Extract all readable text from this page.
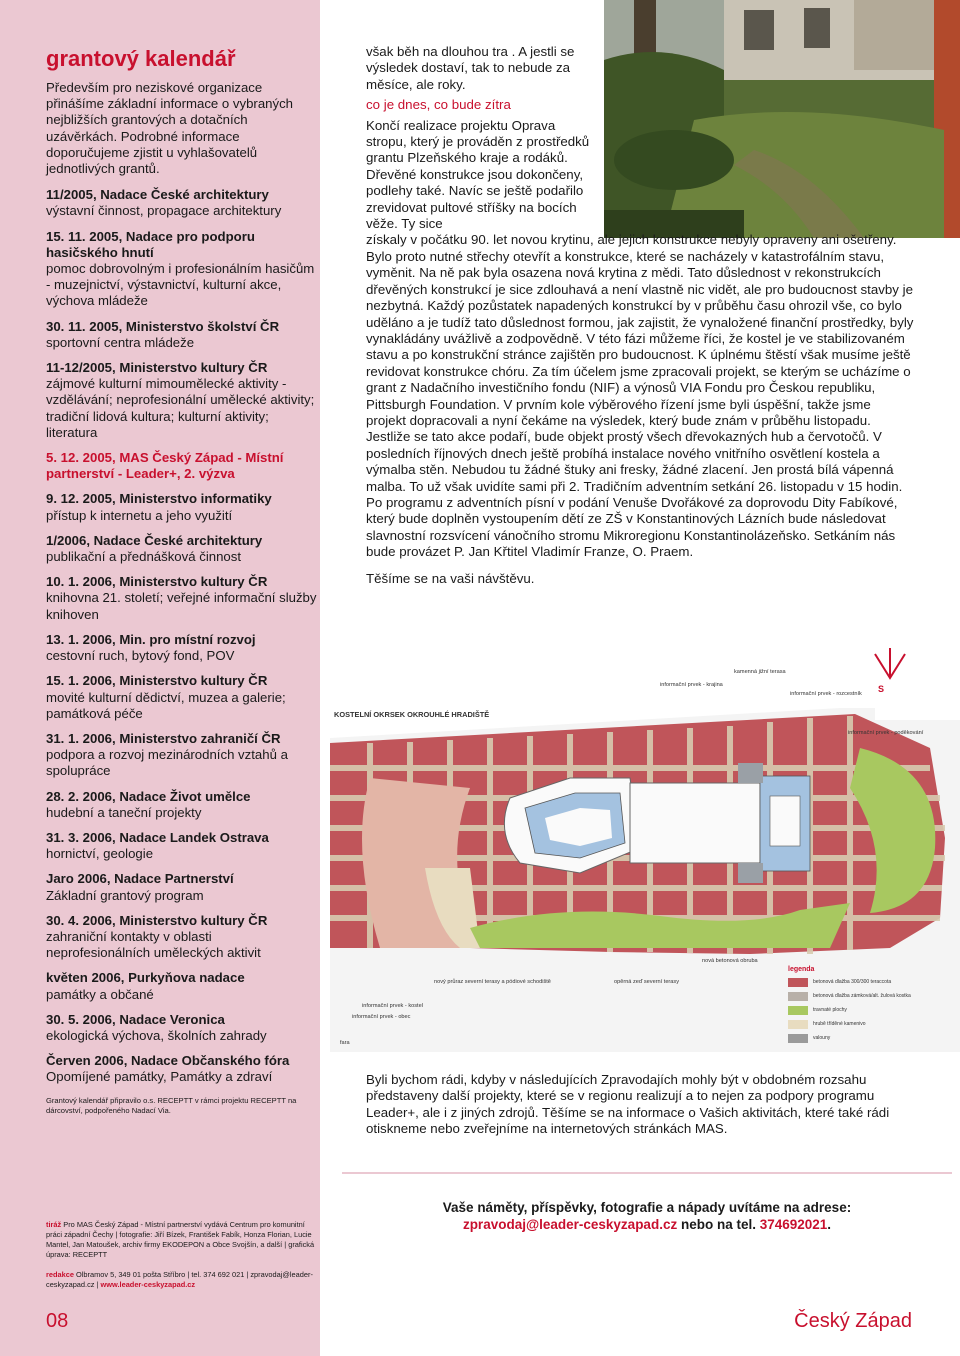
grantový kalendář

Především pro neziskové organizace přinášíme základní informace o vybraných nejbližších grantových a dotačních uzávěrkách. Podrobné informace doporučujeme zjistit u vyhlašovatelů jednotlivých grantů.

11/2005, Nadace České architektury
výstavní činnost, propagace architektury
15. 11. 2005, Nadace pro podporu hasičského hnutí
pomoc dobrovolným i profesionálním hasičům - muzejnictví, výstavnictví, kulturní akce, výchova mládeže
30. 11. 2005, Ministerstvo školství ČR
sportovní centra mládeže
11-12/2005, Ministerstvo kultury ČR
zájmové kulturní mimoumělecké aktivity - vzdělávání; neprofesionální umělecké aktivity; tradiční lidová kultura; kulturní aktivity; literatura
5. 12. 2005, MAS Český Západ - Místní partnerství - Leader+, 2. výzva
9. 12. 2005, Ministerstvo informatiky
přístup k internetu a jeho využití
1/2006, Nadace České architektury
publikační a přednášková činnost
10. 1. 2006, Ministerstvo kultury ČR
knihovna 21. století; veřejné informační služby knihoven
13. 1. 2006, Min. pro místní rozvoj
cestovní ruch, bytový fond, POV
15. 1. 2006, Ministerstvo kultury ČR
movité kulturní dědictví, muzea a galerie; památková péče
31. 1. 2006, Ministerstvo zahraničí ČR
podpora a rozvoj mezinárodních vztahů a spolupráce
28. 2. 2006, Nadace Život umělce
hudební a taneční projekty
31. 3. 2006, Nadace Landek Ostrava
hornictví, geologie
Jaro 2006, Nadace Partnerství
Základní grantový program
30. 4. 2006, Ministerstvo kultury ČR
zahraniční kontakty v oblasti neprofesionálních uměleckých aktivit
květen 2006, Purkyňova nadace
památky a občané
30. 5. 2006, Nadace Veronica
ekologická výchova, školních zahrady
Červen 2006, Nadace Občanského fóra
Opomíjené památky, Památky a zdraví
Grantový kalendář připravilo o.s. RECEPTT v rámci projektu RECEPTT na dárcovství, podpořeného Nadací Via.
tiráž Pro MAS Český Západ - Místní partnerství vydává Centrum pro komunitní práci západní Čechy | fotografie: Jiří Bízek, František Fabík, Honza Florian, Lucie Mantel, Jan Matoušek, archiv firmy EKODEPON a Obce Svojšín, a další | grafická úprava: RECEPTT
redakce Olbramov 5, 349 01 pošta Stříbro | tel. 374 692 021 | zpravodaj@leader-ceskyzapad.cz | www.leader-ceskyzapad.cz
08

však běh na dlouhou tra . A jestli se výsledek dostaví, tak to nebude za měsíce, ale roky.

co je dnes, co bude zítra

Končí realizace projektu Oprava stropu, který je prováděn z prostředků grantu Plzeňského kraje a rodáků. Dřevěné konstrukce jsou dokončeny, podlehy také. Navíc se ještě podařilo zrevidovat pultové stříšky na bocích věže. Ty sice

získaly v počátku 90. let novou krytinu, ale jejich konstrukce nebyly opraveny ani ošetřeny. Bylo proto nutné střechy otevřít a konstrukce, které se nacházely v katastrofálním stavu, vyměnit. Na ně pak byla osazena nová krytina z mědi. Tato důslednost v rekonstrukcích dřevěných konstrukcí je sice zdlouhavá a není vlastně nic vidět, ale pro budoucnost stavby je nezbytná. Každý pozůstatek napadených konstrukcí by v průběhu času ohrozil vše, co bylo uděláno a je tudíž tato důslednost formou, jak zajistit, že vynaložené finanční prostředky, byly vynakládány uvážlivě a zodpovědně. V této fázi můžeme říci, že kostel je ve stabilizovaném stavu a po konstrukční stránce zajištěn pro budoucnost. K úplnému štěstí však musíme ještě revidovat konstrukce chóru. Za tím účelem jsme zpracovali projekt, se kterým se ucházíme o grant z Nadačního investičního fondu (NIF) a výnosů VIA Fondu pro Českou republiku, Pittsburgh Foundation. V prvním kole výběrového řízení jsme byli úspěšní, takže jsme projekt dopracovali a nyní čekáme na výsledek, který bude znám v průběhu listopadu. Jestliže se tato akce podaří, bude objekt prostý všech dřevokazných hub a červotočů. V posledních říjnových dnech ještě probíhá instalace nového vnitřního osvětlení kostela a výmalba stěn. Nebudou tu žádné štuky ani fresky, žádné zlacení. Jen prostá bílá vápenná malba. To už však uvidíte sami při 2. Tradičním adventním setkání 26. listopadu v 15 hodin. Po programu z adventních písní v podání Venuše Dvořákové za doprovodu Dity Fabíkové, který bude doplněn vystoupením dětí ze ZŠ v Konstantinových Lázních bude následovat slavnostní rozsvícení vánočního stromu Mikroregionu Konstantinolázeňsko. Setkáním nás bude provázet P. Jan Křtitel Vladimír Franze, O. Praem.

Těšíme se na vaši návštěvu.

KOSTELNÍ OKRSEK OKROUHLÉ HRADIŠTĚ
S
kamenná jižní terasa
informační prvek - krajina
informační prvek - rozcestník
informační prvek - poděkování
nový průraz severní terasy a pódiové schodiště	opěrná zeď severní terasy
nová betonová obruba
informační prvek - kostel
informační prvek - obec
fara
legenda
betonová dlažba 300/300 teraccota
betonová dlažba zámková/alt. žulová kostka
travnaté plochy
hrubě tříděné kamenivo
valouny
Byli bychom rádi, kdyby v následujících Zpravodajích mohly být v obdobném rozsahu představeny další projekty, které se v regionu realizují a to nejen za podpory programu Leader+, ale i z jiných zdrojů. Těšíme se na informace o Vašich aktivitách, které také rádi otiskneme nebo zveřejníme na internetových stránkách MAS.
Vaše náměty, příspěvky, fotografie a nápady uvítáme na adrese:
zpravodaj@leader-ceskyzapad.cz nebo na tel. 374692021.
Český Západ
